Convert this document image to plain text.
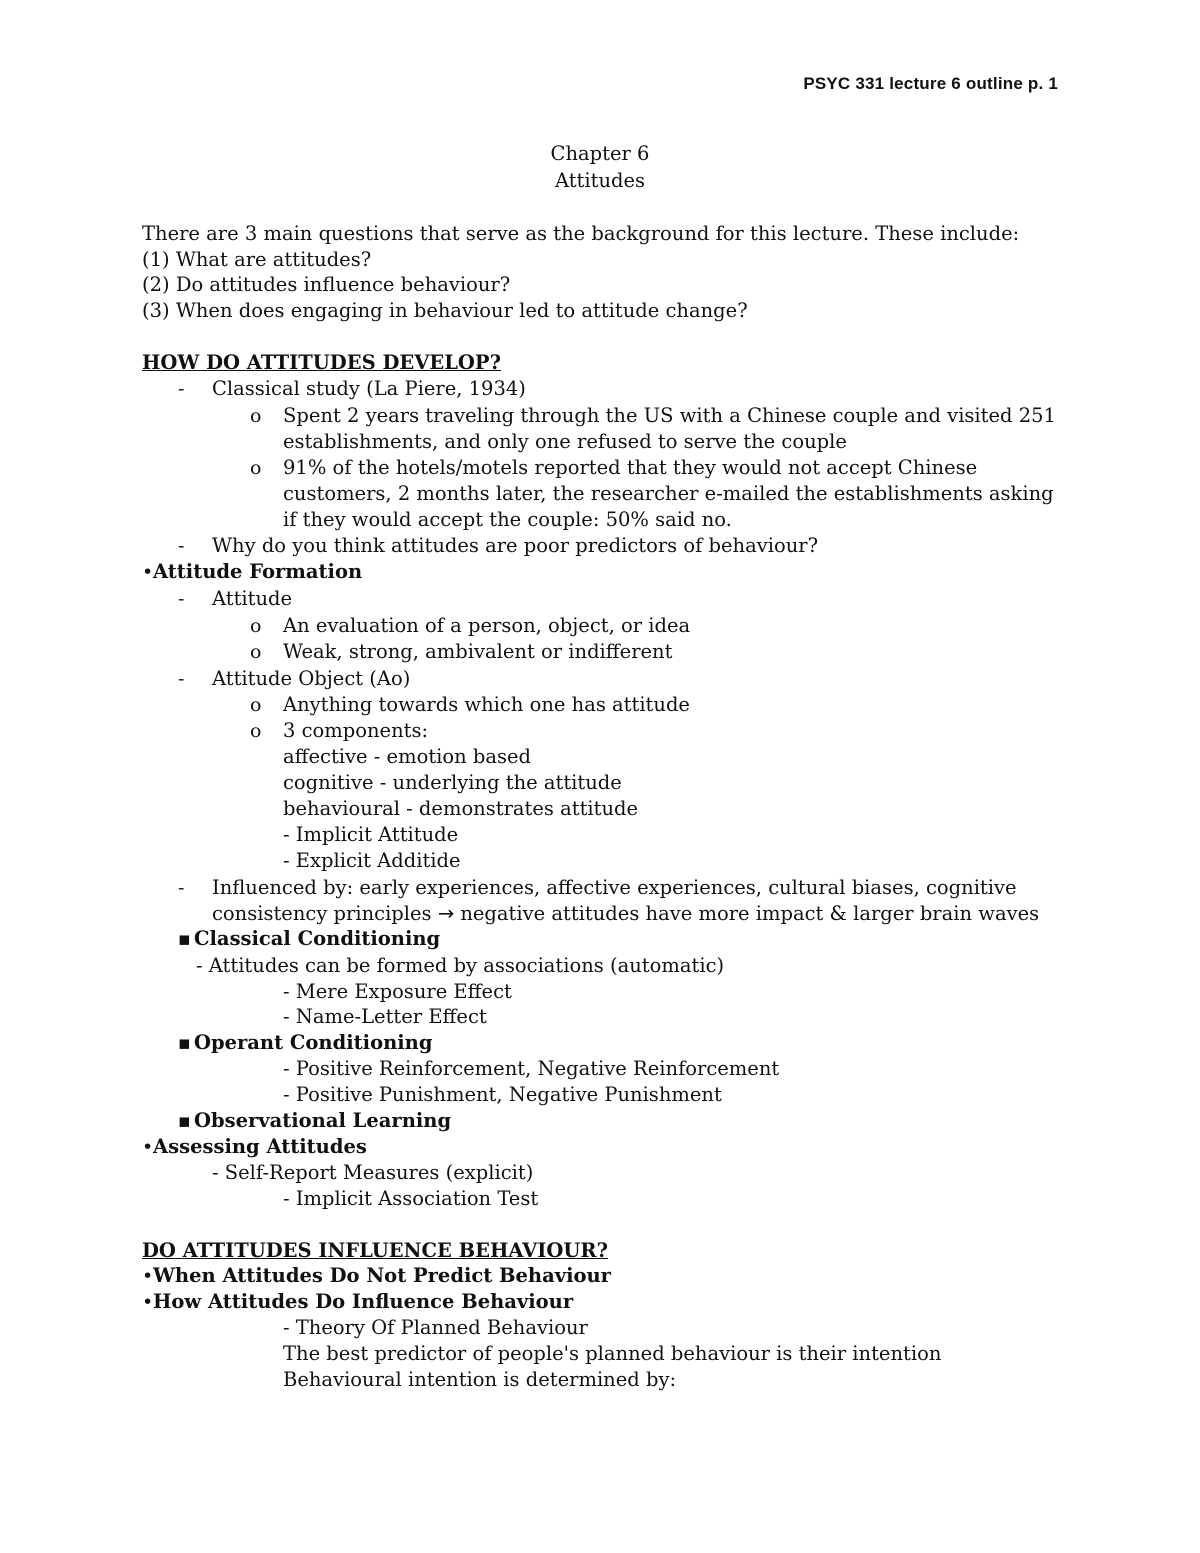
PSYC 331 lecture 6 outline p. 1
Chapter 6
Attitudes
There are 3 main questions that serve as the background for this lecture. These include:
(1) What are attitudes?
(2) Do attitudes influence behaviour?
(3) When does engaging in behaviour led to attitude change?
HOW DO ATTITUDES DEVELOP?
- Classical study (La Piere, 1934)
o Spent 2 years traveling through the US with a Chinese couple and visited 251
establishments, and only one refused to serve the couple
o 91% of the hotels/motels reported that they would not accept Chinese
customers, 2 months later, the researcher e-mailed the establishments asking
if they would accept the couple: 50% said no.
- Why do you think attitudes are poor predictors of behaviour?
• Attitude Formation
- Attitude
o An evaluation of a person, object, or idea
o Weak, strong, ambivalent or indifferent
- Attitude Object (Ao)
o Anything towards which one has attitude
o 3 components:
affective - emotion based
cognitive - underlying the attitude
behavioural - demonstrates attitude
- Implicit Attitude
- Explicit Additide
- Influenced by: early experiences, affective experiences, cultural biases, cognitive
consistency principles → negative attitudes have more impact & larger brain waves
▪ Classical Conditioning
- Attitudes can be formed by associations (automatic)
- Mere Exposure Effect
- Name-Letter Effect
▪ Operant Conditioning
- Positive Reinforcement, Negative Reinforcement
- Positive Punishment, Negative Punishment
▪ Observational Learning
• Assessing Attitudes
- Self-Report Measures (explicit)
- Implicit Association Test
DO ATTITUDES INFLUENCE BEHAVIOUR?
• When Attitudes Do Not Predict Behaviour
• How Attitudes Do Influence Behaviour
- Theory Of Planned Behaviour
The best predictor of people's planned behaviour is their intention
Behavioural intention is determined by:
